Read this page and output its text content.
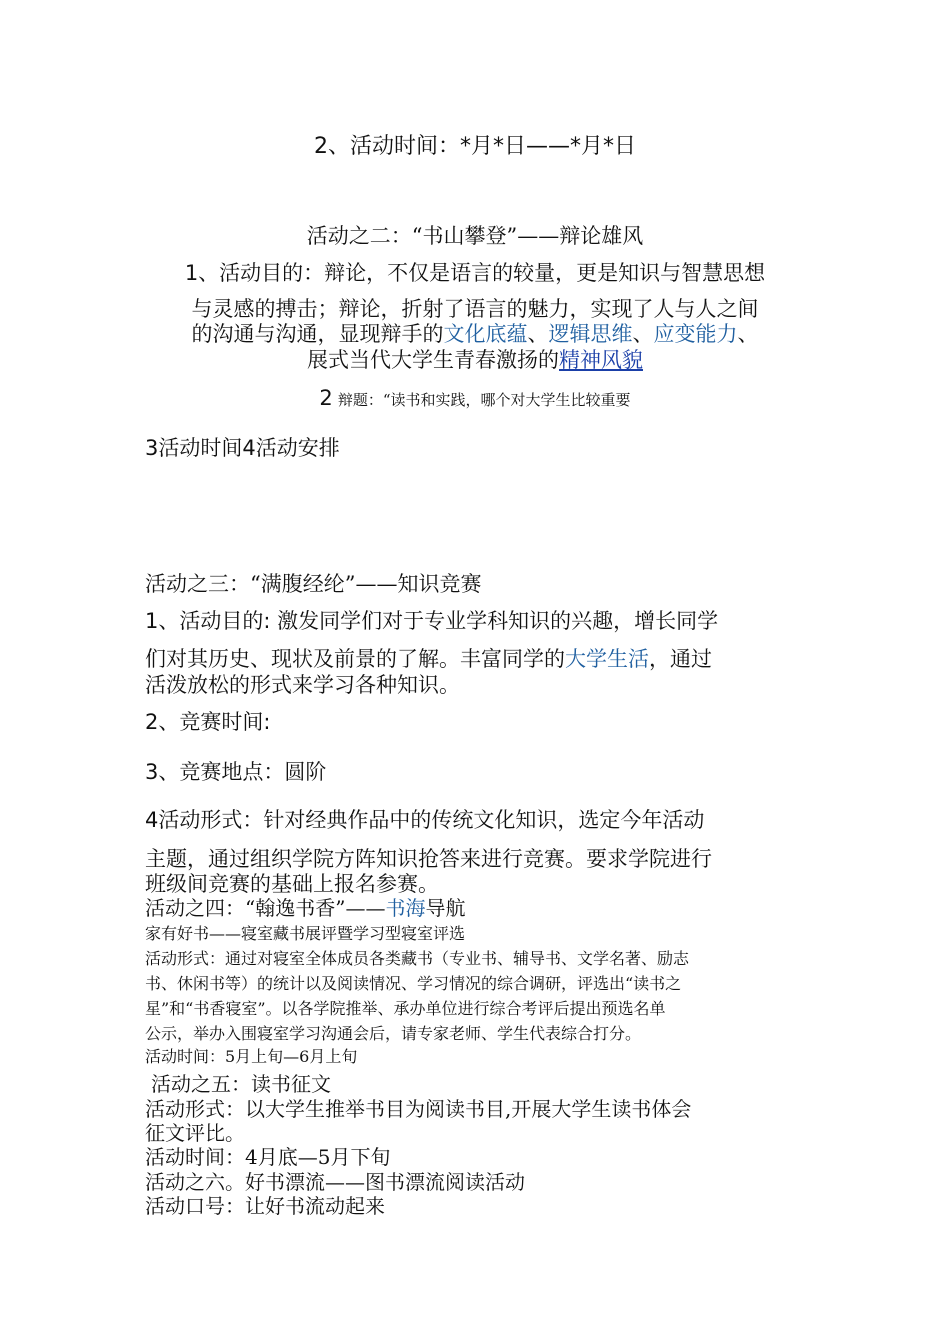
2、活动时间：*月*日——*月*日
活动之二：“书山攀登”——辩论雄风
1、活动目的：辩论，不仅是语言的较量，更是知识与智慧思想
与灵感的搏击；辩论，折射了语言的魅力，实现了人与人之间
的沟通与沟通，显现辩手的文化底蕴、逻辑思维、应变能力、
展式当代大学生青春激扬的精神风貌
2 辩题：“读书和实践，哪个对大学生比较重要
3活动时间4活动安排
活动之三：“满腹经纶”——知识竞赛
1、活动目的: 激发同学们对于专业学科知识的兴趣，增长同学
们对其历史、现状及前景的了解。丰富同学的大学生活，通过
活泼放松的形式来学习各种知识。
2、竞赛时间:
3、竞赛地点：圆阶
4活动形式：针对经典作品中的传统文化知识，选定今年活动
主题，通过组织学院方阵知识抢答来进行竞赛。要求学院进行
班级间竞赛的基础上报名参赛。
活动之四：“翰逸书香”——书海导航
家有好书——寝室藏书展评暨学习型寝室评选
活动形式：通过对寝室全体成员各类藏书（专业书、辅导书、文学名著、励志
书、休闲书等）的统计以及阅读情况、学习情况的综合调研，评选出“读书之
星”和“书香寝室”。以各学院推举、承办单位进行综合考评后提出预选名单
公示，举办入围寝室学习沟通会后，请专家老师、学生代表综合打分。
活动时间：5月上旬—6月上旬
活动之五：读书征文
活动形式：以大学生推举书目为阅读书目,开展大学生读书体会
征文评比。
活动时间：4月底—5月下旬
活动之六。好书漂流——图书漂流阅读活动
活动口号：让好书流动起来
